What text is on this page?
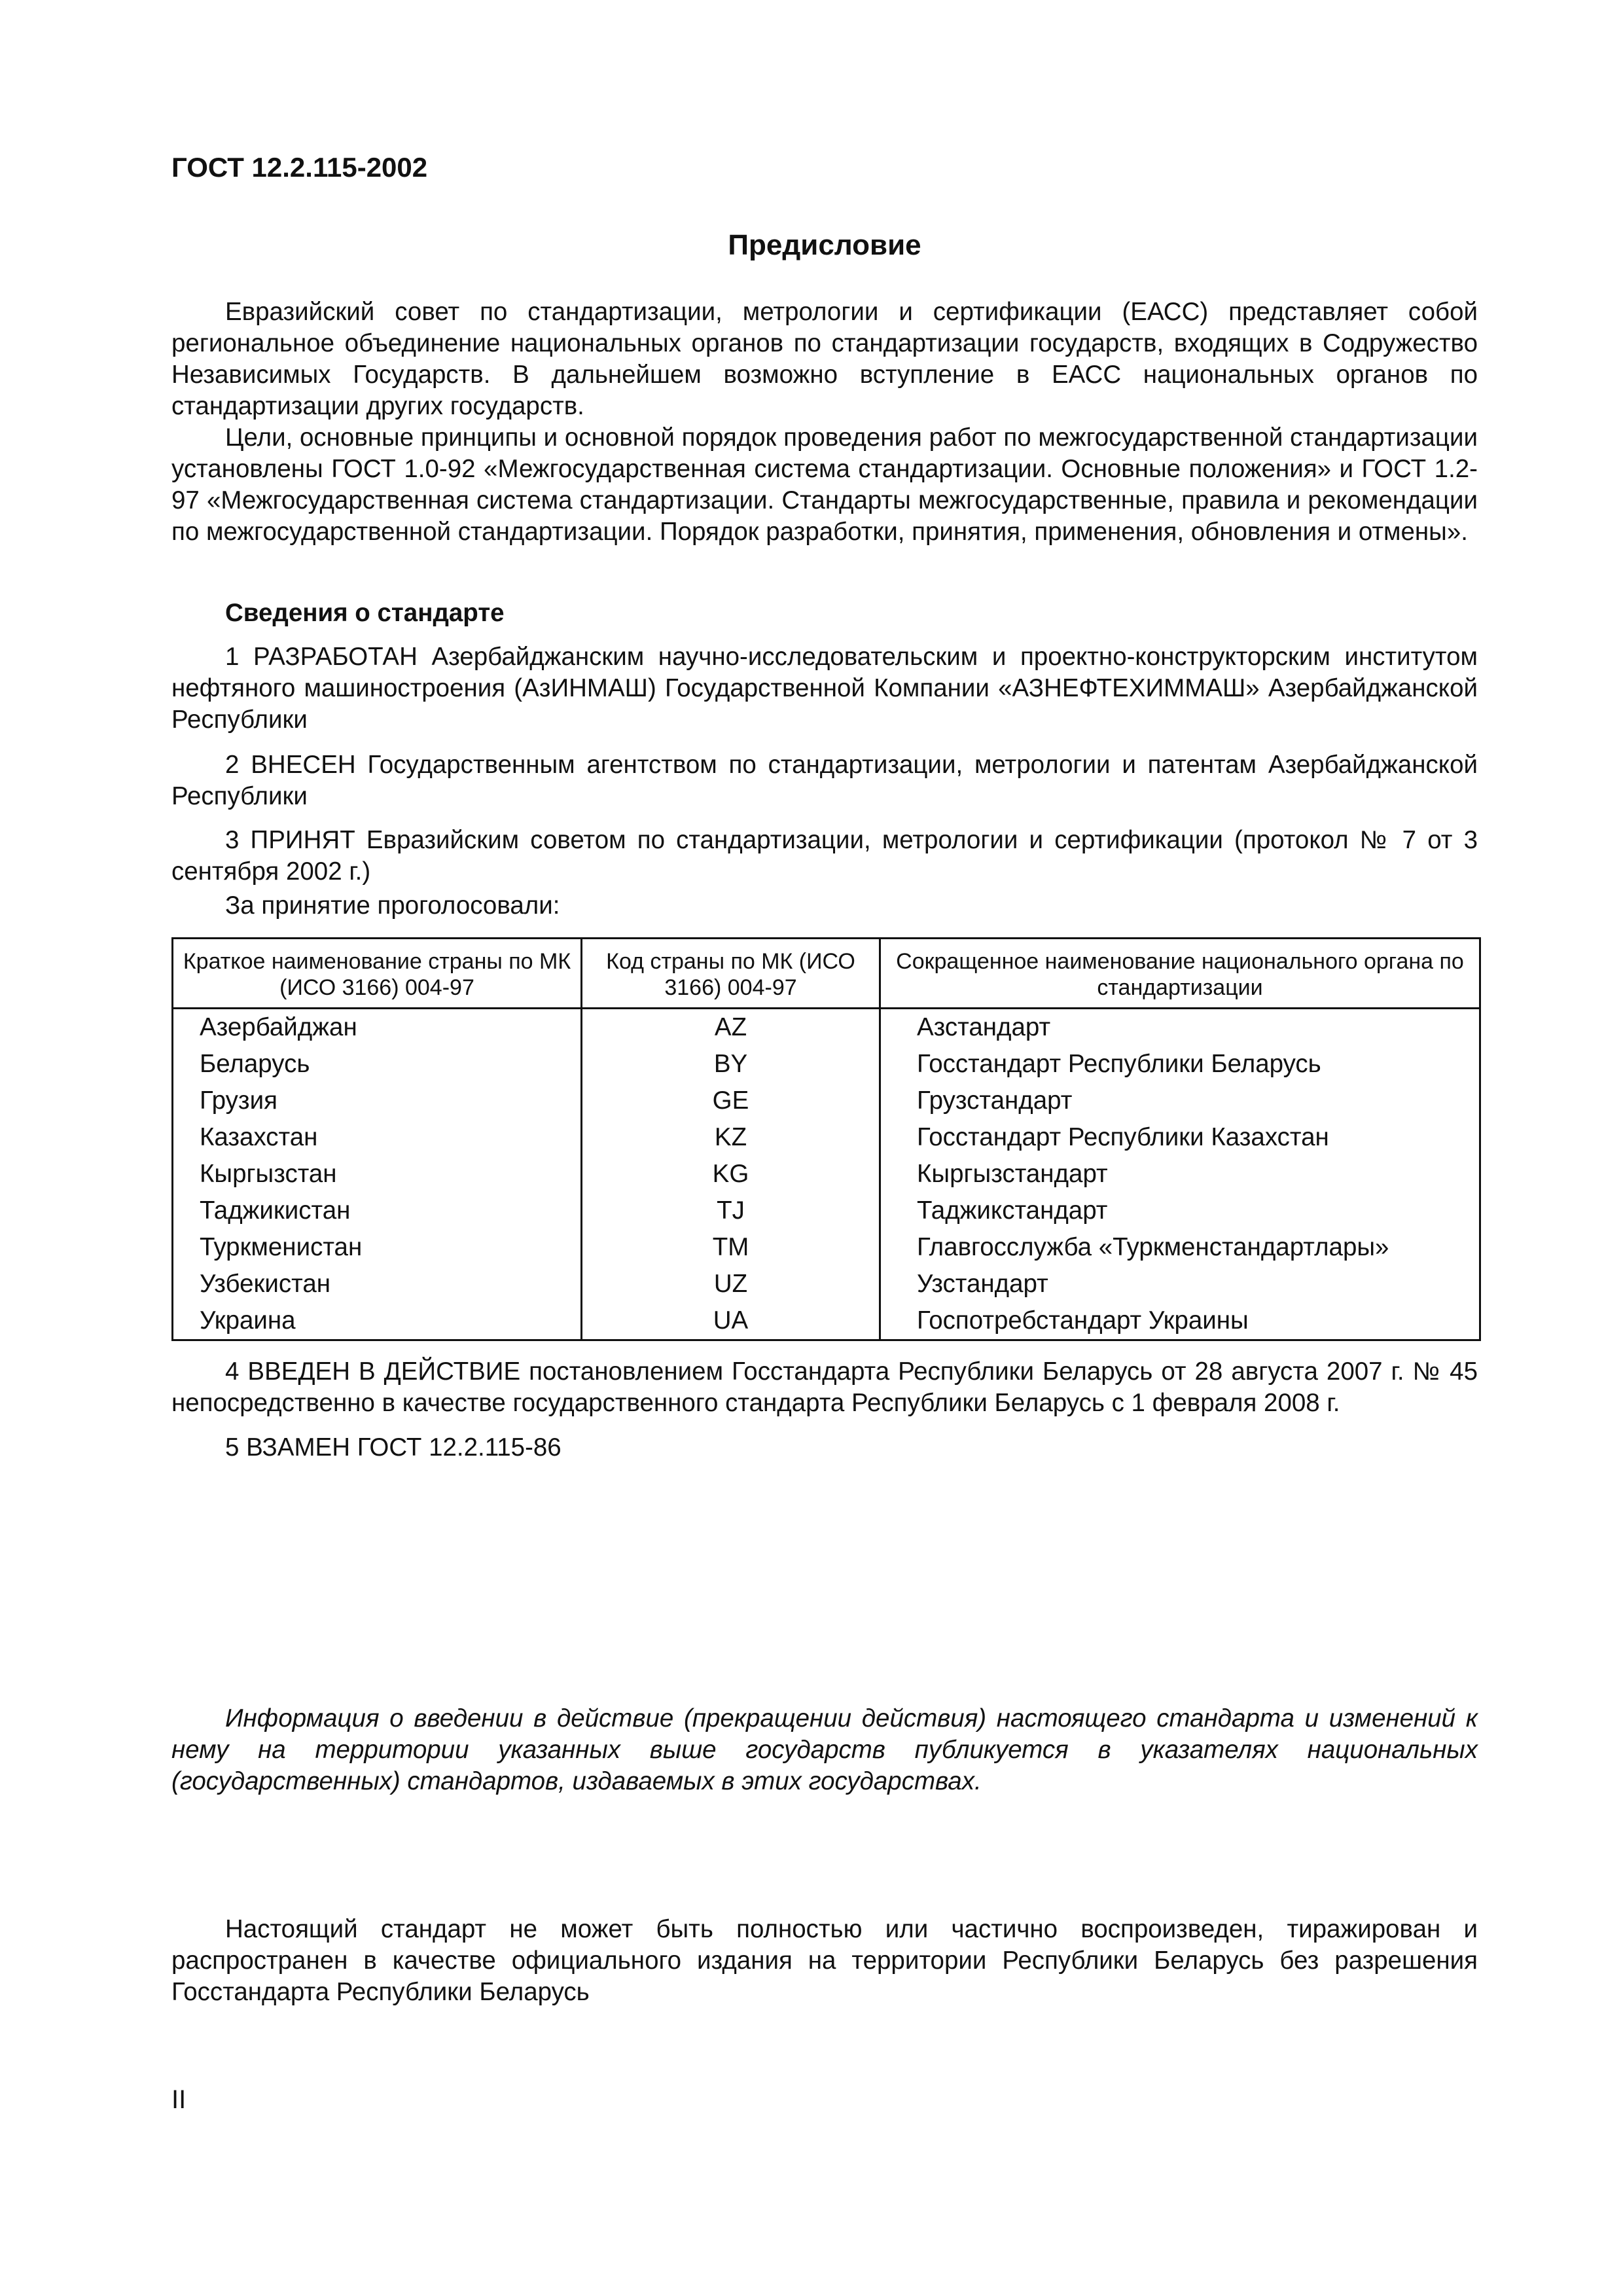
ГОСТ 12.2.115-2002
Предисловие

Евразийский совет по стандартизации, метрологии и сертификации (ЕАСС) представляет собой региональное объединение национальных органов по стандартизации государств, входящих в Содружество Независимых Государств. В дальнейшем возможно вступление в ЕАСС национальных органов по стандартизации других государств.

Цели, основные принципы и основной порядок проведения работ по межгосударственной стандартизации установлены ГОСТ 1.0-92 «Межгосударственная система стандартизации. Основные положения» и ГОСТ 1.2-97 «Межгосударственная система стандартизации. Стандарты межгосударственные, правила и рекомендации по межгосударственной стандартизации. Порядок разработки, принятия, применения, обновления и отмены».

Сведения о стандарте
1 РАЗРАБОТАН Азербайджанским научно-исследовательским и проектно-конструкторским институтом нефтяного машиностроения (АзИНМАШ) Государственной Компании «АЗНЕФТЕХИММАШ» Азербайджанской Республики
2 ВНЕСЕН Государственным агентством по стандартизации, метрологии и патентам Азербайджанской Республики
3 ПРИНЯТ Евразийским советом по стандартизации, метрологии и сертификации (протокол № 7 от 3 сентября 2002 г.)
За принятие проголосовали:
Краткое наименование страны по МК (ИСО 3166) 004-97	Код страны по МК (ИСО 3166) 004-97	Сокращенное наименование национального органа по стандартизации
Азербайджан	AZ	Азстандарт
Беларусь	BY	Госстандарт Республики Беларусь
Грузия	GE	Грузстандарт
Казахстан	KZ	Госстандарт Республики Казахстан
Кыргызстан	KG	Кыргызстандарт
Таджикистан	TJ	Таджикстандарт
Туркменистан	TM	Главгосслужба «Туркменстандартлары»
Узбекистан	UZ	Узстандарт
Украина	UA	Госпотребстандарт Украины
4 ВВЕДЕН В ДЕЙСТВИЕ постановлением Госстандарта Республики Беларусь от 28 августа 2007 г. № 45 непосредственно в качестве государственного стандарта Республики Беларусь с 1 февраля 2008 г.
5 ВЗАМЕН ГОСТ 12.2.115-86
Информация о введении в действие (прекращении действия) настоящего стандарта и изменений к нему на территории указанных выше государств публикуется в указателях национальных (государственных) стандартов, издаваемых в этих государствах.
Настоящий стандарт не может быть полностью или частично воспроизведен, тиражирован и распространен в качестве официального издания на территории Республики Беларусь без разрешения Госстандарта Республики Беларусь
II
